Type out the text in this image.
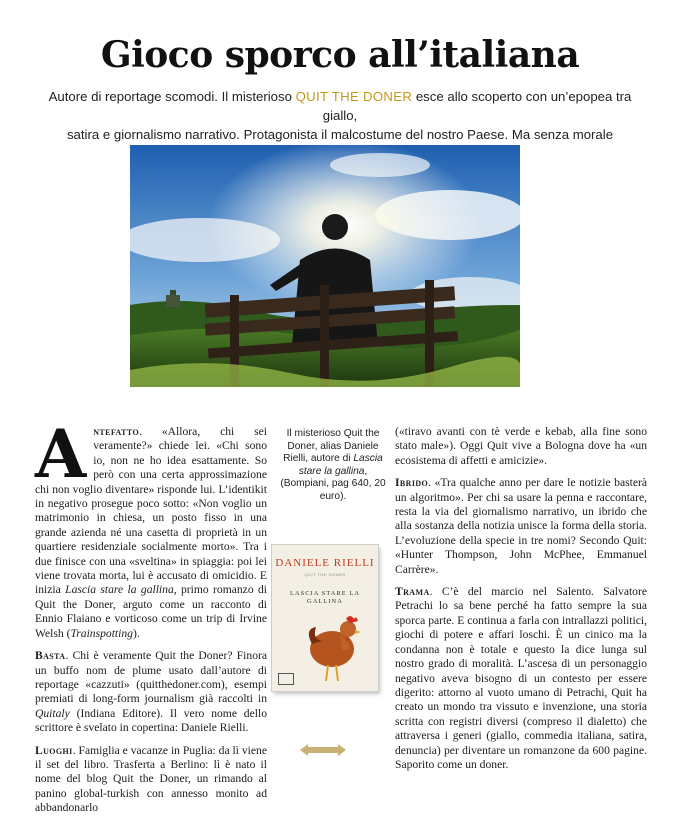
Gioco sporco all’italiana
Autore di reportage scomodi. Il misterioso QUIT THE DONER esce allo scoperto con un’epopea tra giallo,
satira e giornalismo narrativo. Protagonista il malcostume del nostro Paese. Ma senza morale

Antefatto. «Allora, chi sei veramente?» chiede lei. «Chi sono io, non ne ho idea esattamente. So però con una certa approssimazione chi non voglio diventare» risponde lui. L’identikit in negativo prosegue poco sotto: «Non voglio un matrimonio in chiesa, un posto fisso in una grande azienda né una casetta di proprietà in un quartiere residenziale socialmente morto». Tra i due finisce con una «sveltina» in spiaggia: poi lei viene trovata morta, lui è accusato di omicidio. E inizia Lascia stare la gallina, primo romanzo di Quit the Doner, arguto come un racconto di Ennio Flaiano e vorticoso come un trip di Irvine Welsh (Trainspotting).

Basta. Chi è veramente Quit the Doner? Finora un buffo nom de plume usato dall’autore di reportage «cazzuti» (quitthedoner.com), esempi premiati di long-form journalism già raccolti in Quitaly (Indiana Editore). Il vero nome dello scrittore è svelato in copertina: Daniele Rielli.

Luoghi. Famiglia e vacanze in Puglia: da lì viene il set del libro. Trasferta a Berlino: lì è nato il nome del blog Quit the Doner, un rimando al panino global-turkish con annesso monito ad abbandonarlo

Il misterioso Quit the Doner, alias Daniele Rielli, autore di Lascia stare la gallina, (Bompiani, pag 640, 20 euro).
DANIELE RIELLI
QUIT THE DONER
LASCIA STARE LA GALLINA

(«tiravo avanti con tè verde e kebab, alla fine sono stato male»). Oggi Quit vive a Bologna dove ha «un ecosistema di affetti e amicizie».

Ibrido. «Tra qualche anno per dare le notizie basterà un algoritmo». Per chi sa usare la penna e raccontare, resta la via del giornalismo narrativo, un ibrido che alla sostanza della notizia unisce la forma della storia. L’evoluzione della specie in tre nomi? Secondo Quit: «Hunter Thompson, John McPhee, Emmanuel Carrère».

Trama. C’è del marcio nel Salento. Salvatore Petrachi lo sa bene perché ha fatto sempre la sua sporca parte. E continua a farla con intrallazzi politici, giochi di potere e affari loschi. È un cinico ma la condanna non è totale e questo la dice lunga sul nostro grado di moralità. L’ascesa di un personaggio negativo aveva bisogno di un contesto per essere digerito: attorno al vuoto umano di Petrachi, Quit ha creato un mondo tra vissuto e invenzione, una storia scritta con registri diversi (compreso il dialetto) che attraversa i generi (giallo, commedia italiana, satira, denuncia) per diventare un romanzone da 600 pagine. Saporito come un doner.
